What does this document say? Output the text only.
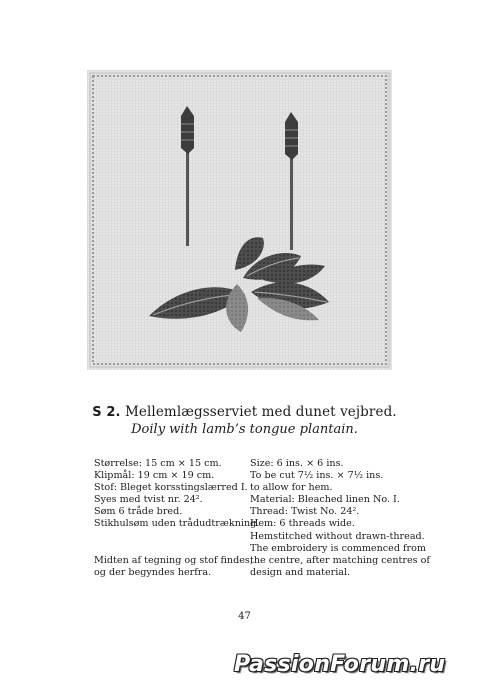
S 2. Mellemlægsserviet med dunet vejbred.
Doily with lamb’s tongue plantain.
Størrelse: 15 cm × 15 cm.
Klipmål: 19 cm × 19 cm.
Stof: Bleget korsstingslærred I.
Syes med tvist nr. 24².
Søm 6 tråde bred.
Stikhulsøm uden trådudtrækning.
Midten af tegning og stof findes,
og der begyndes herfra.
Size: 6 ins. × 6 ins.
To be cut 7½ ins. × 7½ ins.
to allow for hem.
Material: Bleached linen No. I.
Thread: Twist No. 24².
Hem: 6 threads wide.
Hemstitched without drawn-thread.
The embroidery is commenced from
the centre, after matching centres of
design and material.
47
PassionForum.ru
